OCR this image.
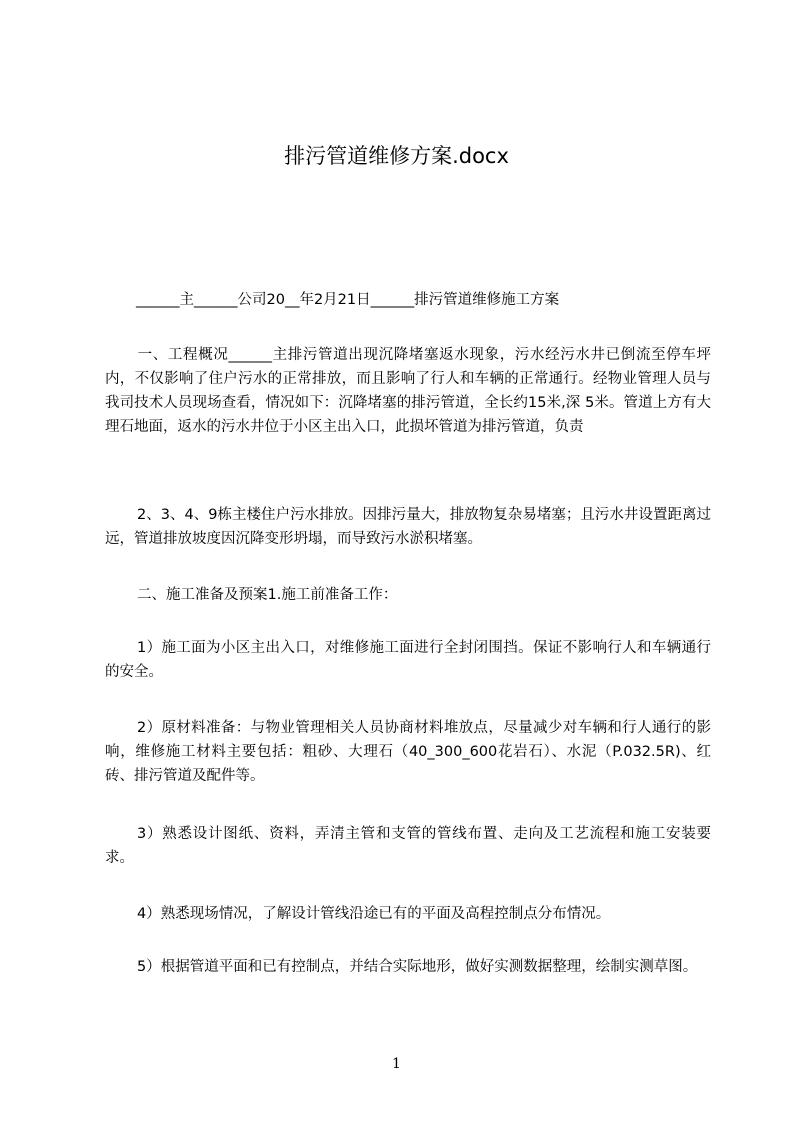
排污管道维修方案.docx

______主______公司20__年2月21日______排污管道维修施工方案

一、工程概况______主排污管道出现沉降堵塞返水现象，污水经污水井已倒流至停车坪内，不仅影响了住户污水的正常排放，而且影响了行人和车辆的正常通行。经物业管理人员与我司技术人员现场查看，情况如下：沉降堵塞的排污管道，全长约15米,深 5米。管道上方有大理石地面，返水的污水井位于小区主出入口，此损坏管道为排污管道，负责

2、3、4、9栋主楼住户污水排放。因排污量大，排放物复杂易堵塞；且污水井设置距离过远，管道排放坡度因沉降变形坍塌，而导致污水淤积堵塞。

二、施工准备及预案1.施工前准备工作：

1）施工面为小区主出入口，对维修施工面进行全封闭围挡。保证不影响行人和车辆通行的安全。

2）原材料准备：与物业管理相关人员协商材料堆放点，尽量减少对车辆和行人通行的影响，维修施工材料主要包括：粗砂、大理石（40_300_600花岩石）、水泥（P.032.5R)、红砖、排污管道及配件等。

3）熟悉设计图纸、资料，弄清主管和支管的管线布置、走向及工艺流程和施工安装要求。

4）熟悉现场情况，了解设计管线沿途已有的平面及高程控制点分布情况。

5）根据管道平面和已有控制点，并结合实际地形，做好实测数据整理，绘制实测草图。

1
